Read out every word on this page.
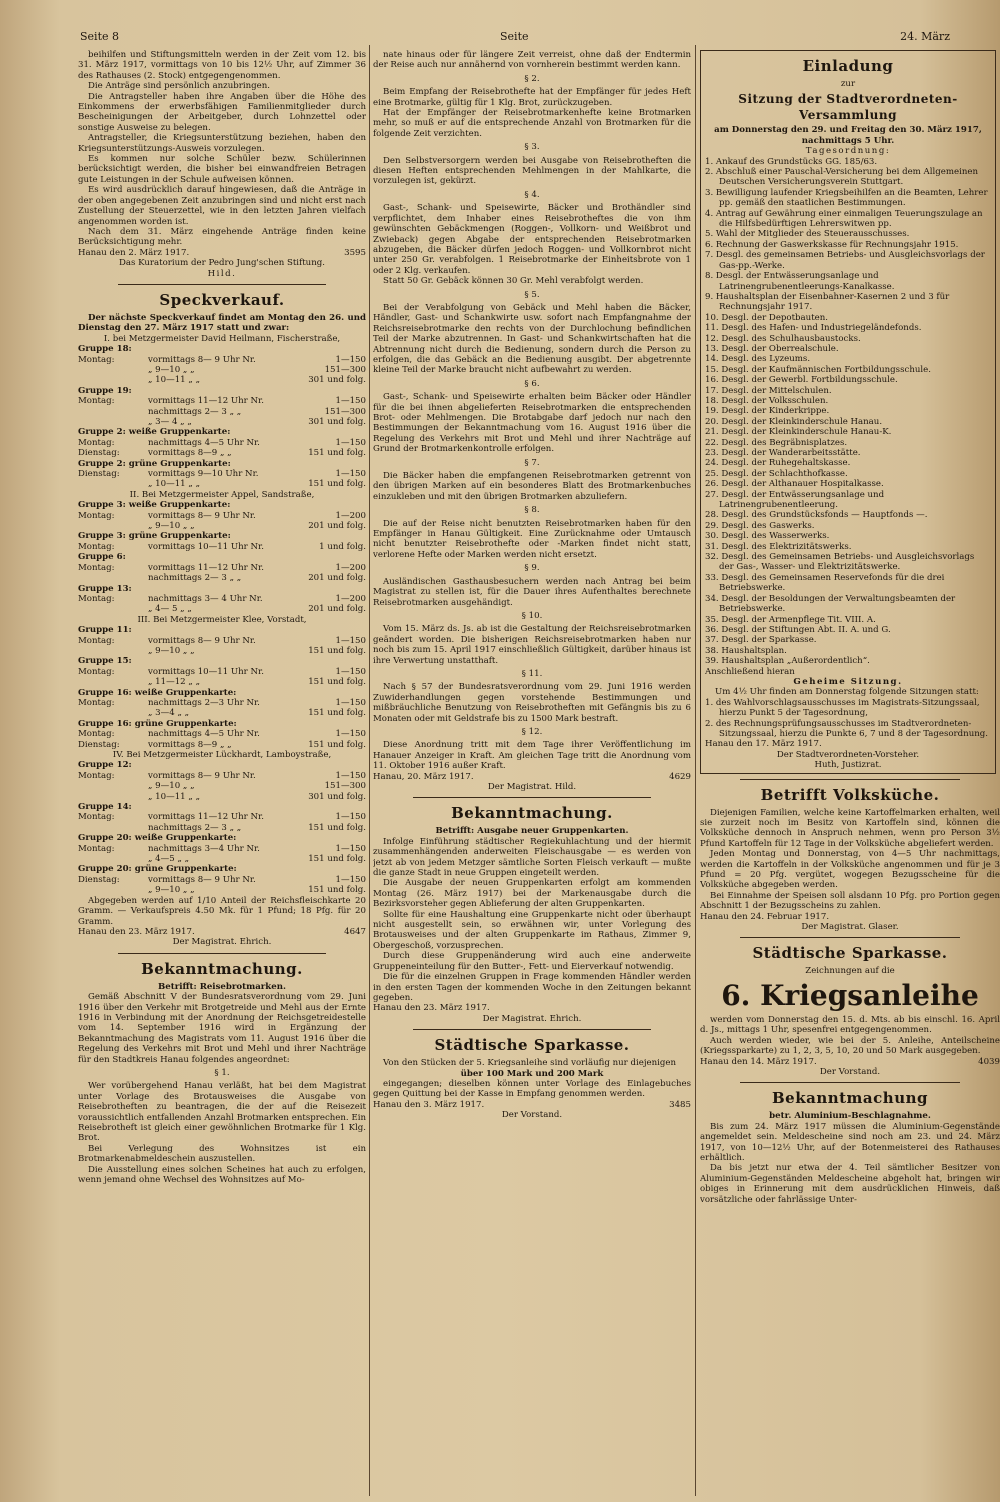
Seite 8	Seite	24. März

beihilfen und Stiftungsmitteln werden in der Zeit vom 12. bis 31. März 1917, vormittags von 10 bis 12½ Uhr, auf Zimmer 36 des Rathauses (2. Stock) entgegengenommen.

Die Anträge sind persönlich anzubringen.

Die Antragsteller haben ihre Angaben über die Höhe des Einkommens der erwerbsfähigen Familienmitglieder durch Bescheinigungen der Arbeitgeber, durch Lohnzettel oder sonstige Ausweise zu belegen.

Antragsteller, die Kriegsunterstützung beziehen, haben den Kriegsunterstützungs-Ausweis vorzulegen.

Es kommen nur solche Schüler bezw. Schülerinnen berücksichtigt werden, die bisher bei einwandfreien Betragen gute Leistungen in der Schule aufweisen können.

Es wird ausdrücklich darauf hingewiesen, daß die Anträge in der oben angegebenen Zeit anzubringen sind und nicht erst nach Zustellung der Steuerzettel, wie in den letzten Jahren vielfach angenommen worden ist.

Nach dem 31. März eingehende Anträge finden keine Berücksichtigung mehr.

Hanau den 2. März 1917.	3595
Das Kuratorium der Pedro Jung'schen Stiftung.
Hild.
Speckverkauf.

Der nächste Speckverkauf findet am Montag den 26. und Dienstag den 27. März 1917 statt und zwar:

I. bei Metzgermeister David Heilmann, Fischerstraße,
Gruppe 18:
Montag:	vormittags 8— 9 Uhr Nr.	1—150
„ 9—10 „ „	151—300
„ 10—11 „ „	301 und folg.
Gruppe 19:
Montag:	vormittags 11—12 Uhr Nr.	1—150
nachmittags 2— 3 „ „	151—300
„ 3— 4 „ „	301 und folg.
Gruppe 2: weiße Gruppenkarte:
Montag:	nachmittags 4—5 Uhr Nr.	1—150
Dienstag:	vormittags 8—9 „ „	151 und folg.
Gruppe 2: grüne Gruppenkarte:
Dienstag:	vormittags 9—10 Uhr Nr.	1—150
„ 10—11 „ „	151 und folg.
II. Bei Metzgermeister Appel, Sandstraße,
Gruppe 3: weiße Gruppenkarte:
Montag:	vormittags 8— 9 Uhr Nr.	1—200
„ 9—10 „ „	201 und folg.
Gruppe 3: grüne Gruppenkarte:
Montag:	vormittags 10—11 Uhr Nr.	1 und folg.
Gruppe 6:
Montag:	vormittags 11—12 Uhr Nr.	1—200
nachmittags 2— 3 „ „	201 und folg.
Gruppe 13:
Montag:	nachmittags 3— 4 Uhr Nr.	1—200
„ 4— 5 „ „	201 und folg.
III. Bei Metzgermeister Klee, Vorstadt,
Gruppe 11:
Montag:	vormittags 8— 9 Uhr Nr.	1—150
„ 9—10 „ „	151 und folg.
Gruppe 15:
Montag:	vormittags 10—11 Uhr Nr.	1—150
„ 11—12 „ „	151 und folg.
Gruppe 16: weiße Gruppenkarte:
Montag:	nachmittags 2—3 Uhr Nr.	1—150
„ 3—4 „ „	151 und folg.
Gruppe 16: grüne Gruppenkarte:
Montag:	nachmittags 4—5 Uhr Nr.	1—150
Dienstag:	vormittags 8—9 „ „	151 und folg.
IV. Bei Metzgermeister Lückhardt, Lamboystraße,
Gruppe 12:
Montag:	vormittags 8— 9 Uhr Nr.	1—150
„ 9—10 „ „	151—300
„ 10—11 „ „	301 und folg.
Gruppe 14:
Montag:	vormittags 11—12 Uhr Nr.	1—150
nachmittags 2— 3 „ „	151 und folg.
Gruppe 20: weiße Gruppenkarte:
Montag:	nachmittags 3—4 Uhr Nr.	1—150
„ 4—5 „ „	151 und folg.
Gruppe 20: grüne Gruppenkarte:
Dienstag:	vormittags 8— 9 Uhr Nr.	1—150
„ 9—10 „ „	151 und folg.

Abgegeben werden auf 1/10 Anteil der Reichsfleischkarte 20 Gramm. — Verkaufspreis 4.50 Mk. für 1 Pfund; 18 Pfg. für 20 Gramm.

Hanau den 23. März 1917.	4647
Der Magistrat. Ehrich.
Bekanntmachung.
Betrifft: Reisebrotmarken.

Gemäß Abschnitt V der Bundesratsverordnung vom 29. Juni 1916 über den Verkehr mit Brotgetreide und Mehl aus der Ernte 1916 in Verbindung mit der Anordnung der Reichsgetreidestelle vom 14. September 1916 wird in Ergänzung der Bekanntmachung des Magistrats vom 11. August 1916 über die Regelung des Verkehrs mit Brot und Mehl und ihrer Nachträge für den Stadtkreis Hanau folgendes angeordnet:

§ 1.

Wer vorübergehend Hanau verläßt, hat bei dem Magistrat unter Vorlage des Brotausweises die Ausgabe von Reisebrotheften zu beantragen, die der auf die Reisezeit voraussichtlich entfallenden Anzahl Brotmarken entsprechen. Ein Reisebrotheft ist gleich einer gewöhnlichen Brotmarke für 1 Klg. Brot.

Bei Verlegung des Wohnsitzes ist ein Brotmarkenabmeldeschein auszustellen.

Die Ausstellung eines solchen Scheines hat auch zu erfolgen, wenn jemand ohne Wechsel des Wohnsitzes auf Mo-

nate hinaus oder für längere Zeit verreist, ohne daß der Endtermin der Reise auch nur annähernd von vornherein bestimmt werden kann.

§ 2.

Beim Empfang der Reisebrothefte hat der Empfänger für jedes Heft eine Brotmarke, gültig für 1 Klg. Brot, zurückzugeben.

Hat der Empfänger der Reisebrotmarkenhefte keine Brotmarken mehr, so muß er auf die entsprechende Anzahl von Brotmarken für die folgende Zeit verzichten.

§ 3.

Den Selbstversorgern werden bei Ausgabe von Reisebrotheften die diesen Heften entsprechenden Mehlmengen in der Mahlkarte, die vorzulegen ist, gekürzt.

§ 4.

Gast-, Schank- und Speisewirte, Bäcker und Brothändler sind verpflichtet, dem Inhaber eines Reisebrotheftes die von ihm gewünschten Gebäckmengen (Roggen-, Vollkorn- und Weißbrot und Zwieback) gegen Abgabe der entsprechenden Reisebrotmarken abzugeben, die Bäcker dürfen jedoch Roggen- und Vollkornbrot nicht unter 250 Gr. verabfolgen. 1 Reisebrotmarke der Einheitsbrote von 1 oder 2 Klg. verkaufen.

Statt 50 Gr. Gebäck können 30 Gr. Mehl verabfolgt werden.

§ 5.

Bei der Verabfolgung von Gebäck und Mehl haben die Bäcker, Händler, Gast- und Schankwirte usw. sofort nach Empfangnahme der Reichsreisebrotmarke den rechts von der Durchlochung befindlichen Teil der Marke abzutrennen. In Gast- und Schankwirtschaften hat die Abtrennung nicht durch die Bedienung, sondern durch die Person zu erfolgen, die das Gebäck an die Bedienung ausgibt. Der abgetrennte kleine Teil der Marke braucht nicht aufbewahrt zu werden.

§ 6.

Gast-, Schank- und Speisewirte erhalten beim Bäcker oder Händler für die bei ihnen abgelieferten Reisebrotmarken die entsprechenden Brot- oder Mehlmengen. Die Brotabgabe darf jedoch nur nach den Bestimmungen der Bekanntmachung vom 16. August 1916 über die Regelung des Verkehrs mit Brot und Mehl und ihrer Nachträge auf Grund der Brotmarkenkontrolle erfolgen.

§ 7.

Die Bäcker haben die empfangenen Reisebrotmarken getrennt von den übrigen Marken auf ein besonderes Blatt des Brotmarkenbuches einzukleben und mit den übrigen Brotmarken abzuliefern.

§ 8.

Die auf der Reise nicht benutzten Reisebrotmarken haben für den Empfänger in Hanau Gültigkeit. Eine Zurücknahme oder Umtausch nicht benutzter Reisebrothefte oder -Marken findet nicht statt, verlorene Hefte oder Marken werden nicht ersetzt.

§ 9.

Ausländischen Gasthausbesuchern werden nach Antrag bei beim Magistrat zu stellen ist, für die Dauer ihres Aufenthaltes berechnete Reisebrotmarken ausgehändigt.

§ 10.

Vom 15. März ds. Js. ab ist die Gestaltung der Reichsreisebrotmarken geändert worden. Die bisherigen Reichsreisebrotmarken haben nur noch bis zum 15. April 1917 einschließlich Gültigkeit, darüber hinaus ist ihre Verwertung unstatthaft.

§ 11.

Nach § 57 der Bundesratsverordnung vom 29. Juni 1916 werden Zuwiderhandlungen gegen vorstehende Bestimmungen und mißbräuchliche Benutzung von Reisebrotheften mit Gefängnis bis zu 6 Monaten oder mit Geldstrafe bis zu 1500 Mark bestraft.

§ 12.

Diese Anordnung tritt mit dem Tage ihrer Veröffentlichung im Hanauer Anzeiger in Kraft. Am gleichen Tage tritt die Anordnung vom 11. Oktober 1916 außer Kraft.

Hanau, 20. März 1917.	4629
Der Magistrat. Hild.
Bekanntmachung.
Betrifft: Ausgabe neuer Gruppenkarten.

Infolge Einführung städtischer Regiekuhlachtung und der hiermit zusammenhängenden anderweiten Fleischausgabe — es werden von jetzt ab von jedem Metzger sämtliche Sorten Fleisch verkauft — mußte die ganze Stadt in neue Gruppen eingeteilt werden.

Die Ausgabe der neuen Gruppenkarten erfolgt am kommenden Montag (26. März 1917) bei der Markenausgabe durch die Bezirksvorsteher gegen Ablieferung der alten Gruppenkarten.

Sollte für eine Haushaltung eine Gruppenkarte nicht oder überhaupt nicht ausgestellt sein, so erwähnen wir, unter Vorlegung des Brotausweises und der alten Gruppenkarte im Rathaus, Zimmer 9, Obergeschoß, vorzusprechen.

Durch diese Gruppenänderung wird auch eine anderweite Gruppeneinteilung für den Butter-, Fett- und Eierverkauf notwendig.

Die für die einzelnen Gruppen in Frage kommenden Händler werden in den ersten Tagen der kommenden Woche in den Zeitungen bekannt gegeben.

Hanau den 23. März 1917.
Der Magistrat. Ehrich.
Städtische Sparkasse.

Von den Stücken der 5. Kriegsanleihe sind vorläufig nur diejenigen

über 100 Mark und 200 Mark

eingegangen; dieselben können unter Vorlage des Einlagebuches gegen Quittung bei der Kasse in Empfang genommen werden.

Hanau den 3. März 1917.	3485
Der Vorstand.
Einladung
zur
Sitzung der Stadtverordneten-Versammlung
am Donnerstag den 29. und Freitag den 30. März 1917, nachmittags 5 Uhr.
Tagesordnung:
1. Ankauf des Grundstücks GG. 185/63.
2. Abschluß einer Pauschal-Versicherung bei dem Allgemeinen Deutschen Versicherungsverein Stuttgart.
3. Bewilligung laufender Kriegsbeihilfen an die Beamten, Lehrer pp. gemäß den staatlichen Bestimmungen.
4. Antrag auf Gewährung einer einmaligen Teuerungszulage an die Hilfsbedürftigen Lehrerswitwen pp.
5. Wahl der Mitglieder des Steuerausschusses.
6. Rechnung der Gaswerkskasse für Rechnungsjahr 1915.
7. Desgl. des gemeinsamen Betriebs- und Ausgleichsvorlags der Gas-pp.-Werke.
8. Desgl. der Entwässerungsanlage und Latrinengrubenentleerungs-Kanalkasse.
9. Haushaltsplan der Eisenbahner-Kasernen 2 und 3 für Rechnungsjahr 1917.
10. Desgl. der Depotbauten.
11. Desgl. des Hafen- und Industriegeländefonds.
12. Desgl. des Schulhausbaustocks.
13. Desgl. der Oberrealschule.
14. Desgl. des Lyzeums.
15. Desgl. der Kaufmännischen Fortbildungsschule.
16. Desgl. der Gewerbl. Fortbildungsschule.
17. Desgl. der Mittelschulen.
18. Desgl. der Volksschulen.
19. Desgl. der Kinderkrippe.
20. Desgl. der Kleinkinderschule Hanau.
21. Desgl. der Kleinkinderschule Hanau-K.
22. Desgl. des Begräbnisplatzes.
23. Desgl. der Wanderarbeitsstätte.
24. Desgl. der Ruhegehaltskasse.
25. Desgl. der Schlachthofkasse.
26. Desgl. der Althanauer Hospitalkasse.
27. Desgl. der Entwässerungsanlage und Latrinengrubenentleerung.
28. Desgl. des Grundstücksfonds — Hauptfonds —.
29. Desgl. des Gaswerks.
30. Desgl. des Wasserwerks.
31. Desgl. des Elektrizitätswerks.
32. Desgl. des Gemeinsamen Betriebs- und Ausgleichsvorlags der Gas-, Wasser- und Elektrizitätswerke.
33. Desgl. des Gemeinsamen Reservefonds für die drei Betriebswerke.
34. Desgl. der Besoldungen der Verwaltungsbeamten der Betriebswerke.
35. Desgl. der Armenpflege Tit. VIII. A.
36. Desgl. der Stiftungen Abt. II. A. und G.
37. Desgl. der Sparkasse.
38. Haushaltsplan.
39. Haushaltsplan „Außerordentlich“.
Anschließend hieran
Geheime Sitzung.

Um 4½ Uhr finden am Donnerstag folgende Sitzungen statt:

1. des Wahlvorschlagsausschusses im Magistrats-Sitzungssaal, hierzu Punkt 5 der Tagesordnung,
2. des Rechnungsprüfungsausschusses im Stadtverordneten-Sitzungssaal, hierzu die Punkte 6, 7 und 8 der Tagesordnung.
Hanau den 17. März 1917.
Der Stadtverordneten-Vorsteher.
Huth, Justizrat.
Betrifft Volksküche.

Diejenigen Familien, welche keine Kartoffelmarken erhalten, weil sie zurzeit noch im Besitz von Kartoffeln sind, können die Volksküche dennoch in Anspruch nehmen, wenn pro Person 3½ Pfund Kartoffeln für 12 Tage in der Volksküche abgeliefert werden.

Jeden Montag und Donnerstag, von 4—5 Uhr nachmittags, werden die Kartoffeln in der Volksküche angenommen und für je 3 Pfund = 20 Pfg. vergütet, wogegen Bezugsscheine für die Volksküche abgegeben werden.

Bei Einnahme der Speisen soll alsdann 10 Pfg. pro Portion gegen Abschnitt 1 der Bezugsscheins zu zahlen.

Hanau den 24. Februar 1917.
Der Magistrat. Glaser.
Städtische Sparkasse.
Zeichnungen auf die
6. Kriegsanleihe

werden vom Donnerstag den 15. d. Mts. ab bis einschl. 16. April d. Js., mittags 1 Uhr, spesenfrei entgegengenommen.

Auch werden wieder, wie bei der 5. Anleihe, Anteilscheine (Kriegssparkarte) zu 1, 2, 3, 5, 10, 20 und 50 Mark ausgegeben.

Hanau den 14. März 1917.	4039
Der Vorstand.
Bekanntmachung
betr. Aluminium-Beschlagnahme.

Bis zum 24. März 1917 müssen die Aluminium-Gegenstände angemeldet sein. Meldescheine sind noch am 23. und 24. März 1917, von 10—12½ Uhr, auf der Botenmeisterei des Rathauses erhältlich.

Da bis jetzt nur etwa der 4. Teil sämtlicher Besitzer von Aluminium-Gegenständen Meldescheine abgeholt hat, bringen wir obiges in Erinnerung mit dem ausdrücklichen Hinweis, daß vorsätzliche oder fahrlässige Unter-
